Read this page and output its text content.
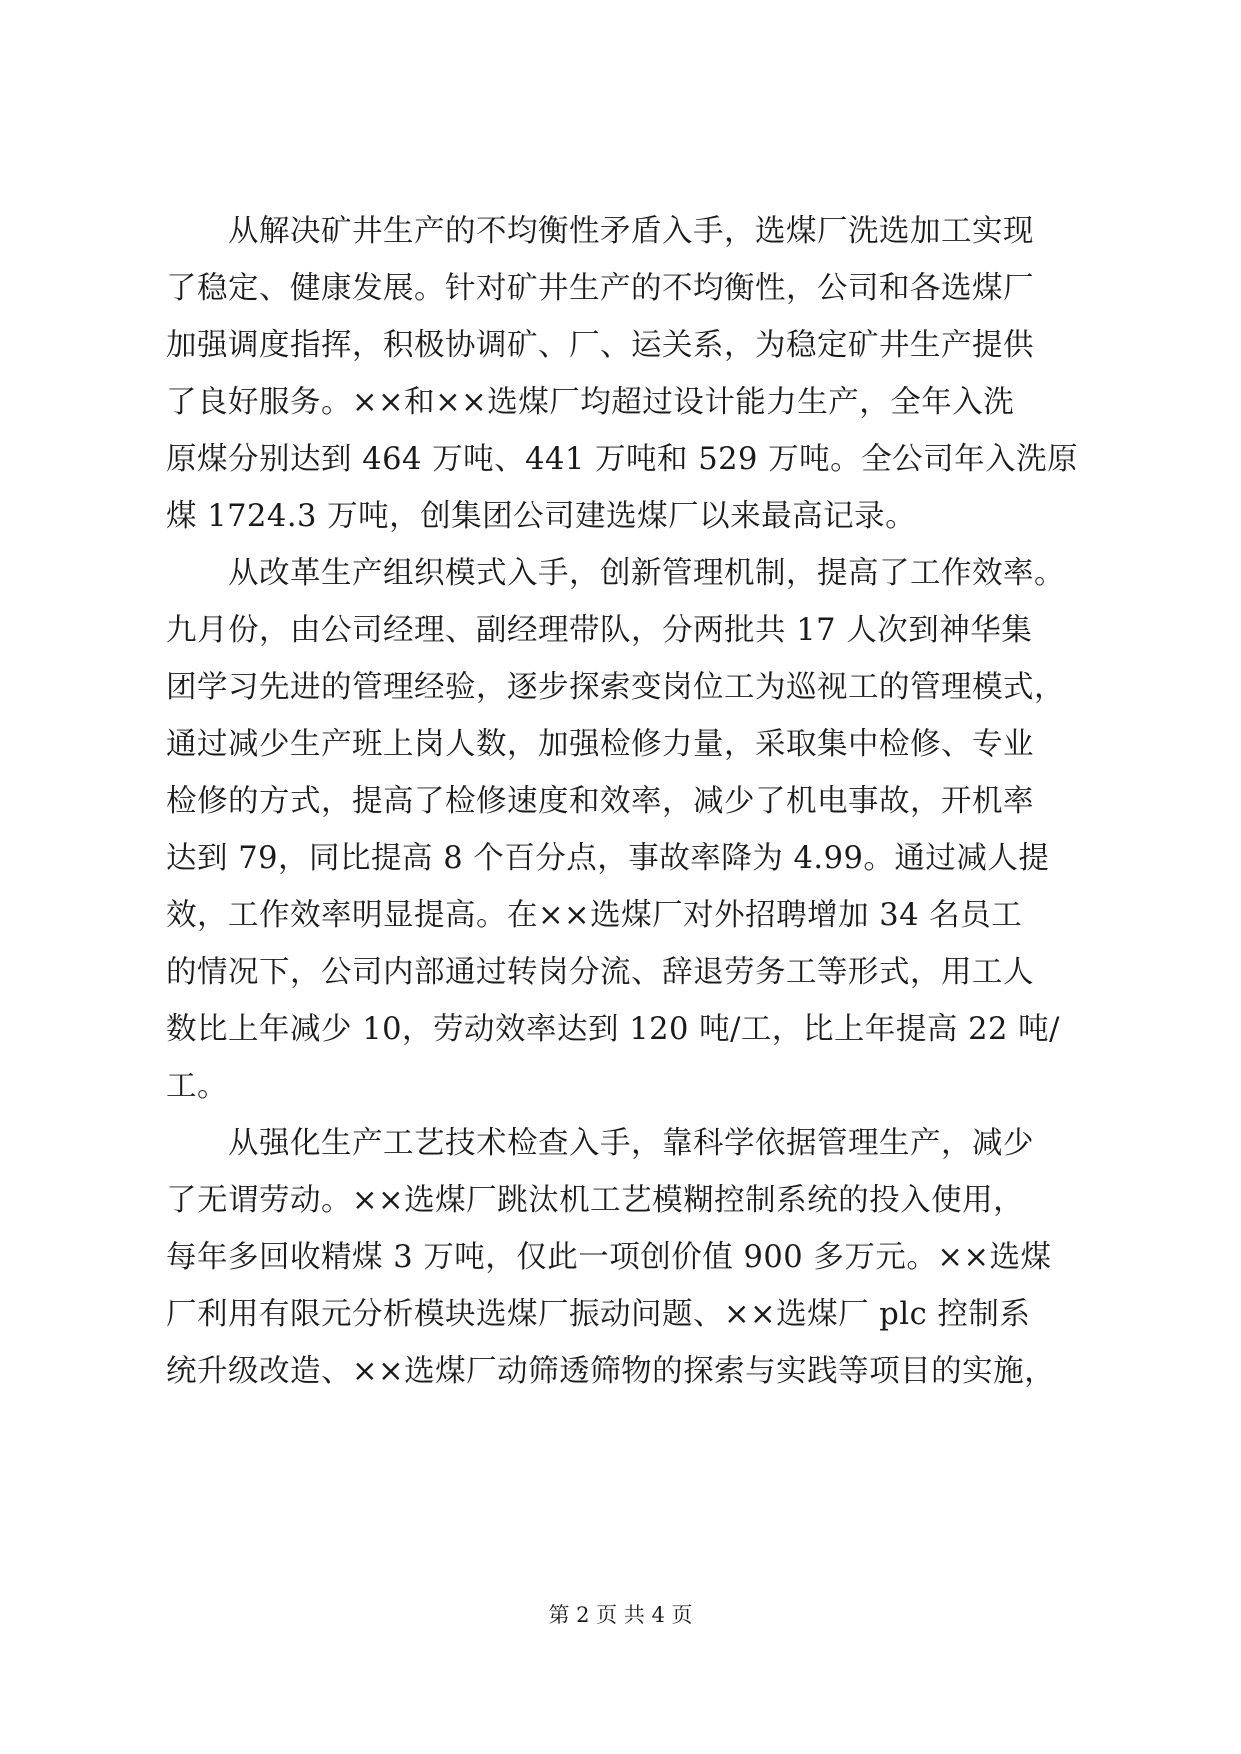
　　从解决矿井生产的不均衡性矛盾入手，选煤厂洗选加工实现
了稳定、健康发展。针对矿井生产的不均衡性，公司和各选煤厂
加强调度指挥，积极协调矿、厂、运关系，为稳定矿井生产提供
了良好服务。××和××选煤厂均超过设计能力生产，全年入洗
原煤分别达到 464 万吨、441 万吨和 529 万吨。全公司年入洗原
煤 1724.3 万吨，创集团公司建选煤厂以来最高记录。
　　从改革生产组织模式入手，创新管理机制，提高了工作效率。
九月份，由公司经理、副经理带队，分两批共 17 人次到神华集
团学习先进的管理经验，逐步探索变岗位工为巡视工的管理模式，
通过减少生产班上岗人数，加强检修力量，采取集中检修、专业
检修的方式，提高了检修速度和效率，减少了机电事故，开机率
达到 79，同比提高 8 个百分点，事故率降为 4.99。通过减人提
效，工作效率明显提高。在××选煤厂对外招聘增加 34 名员工
的情况下，公司内部通过转岗分流、辞退劳务工等形式，用工人
数比上年减少 10，劳动效率达到 120 吨/工，比上年提高 22 吨/
工。
　　从强化生产工艺技术检查入手，靠科学依据管理生产，减少
了无谓劳动。××选煤厂跳汰机工艺模糊控制系统的投入使用，
每年多回收精煤 3 万吨，仅此一项创价值 900 多万元。××选煤
厂利用有限元分析模块选煤厂振动问题、××选煤厂 plc 控制系
统升级改造、××选煤厂动筛透筛物的探索与实践等项目的实施，
第 2 页 共 4 页
